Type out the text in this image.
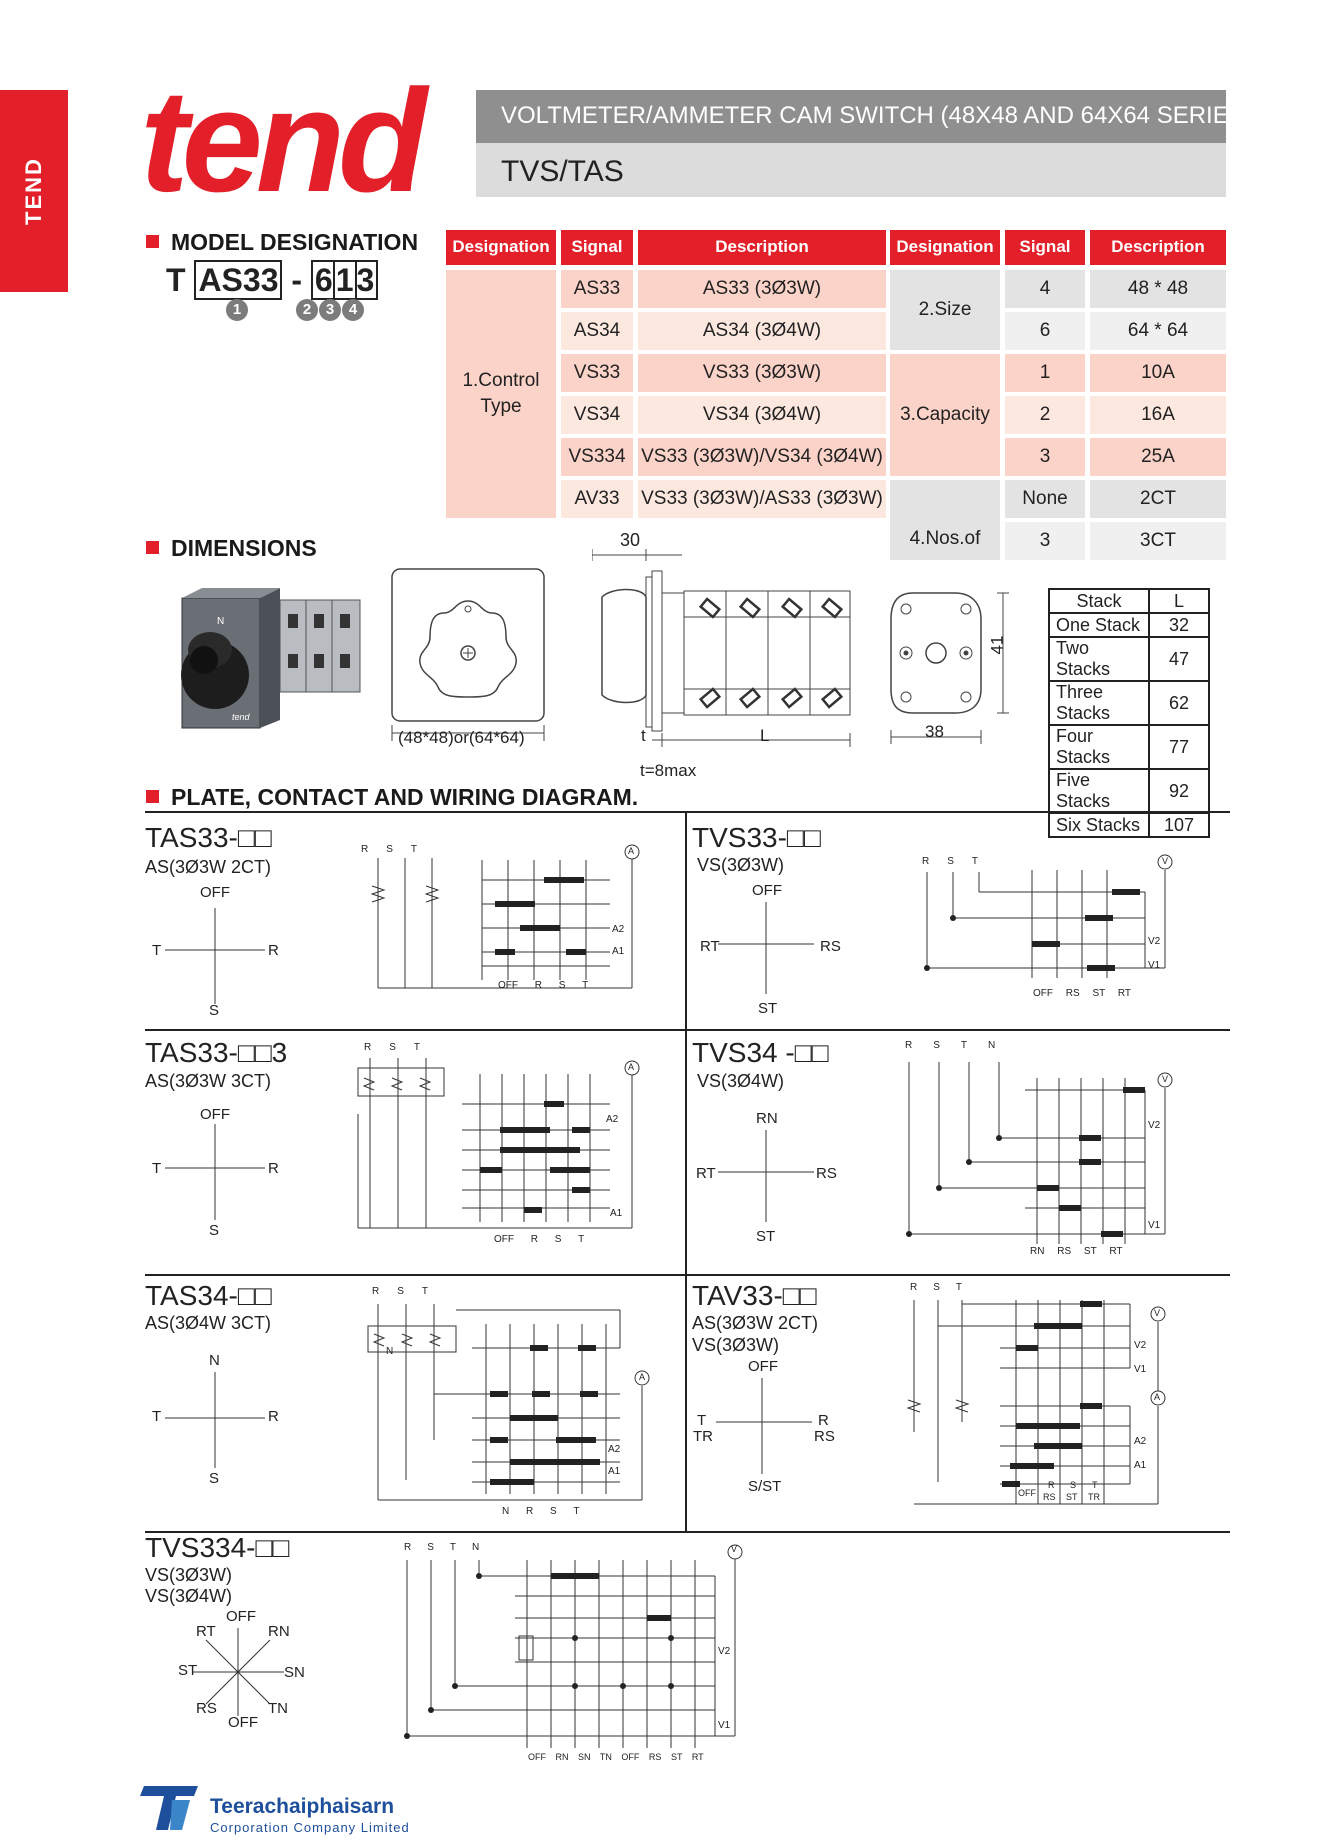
TEND tend	VOLTMETER/AMMETER CAM SWITCH (48X48 AND 64X64 SERIES)
TVS/TAS
MODEL DESIGNATION
T AS33 - 613
1	2 3 4
Designation	Signal	Description	Designation	Signal	Description
1.Control Type
AS33	AS33 (3Ø3W)
AS34	AS34 (3Ø4W)
VS33	VS33 (3Ø3W)
VS34	VS34 (3Ø4W)
VS334 VS33 (3Ø3W)/VS34 (3Ø4W)
AV33	VS33 (3Ø3W)/AS33 (3Ø3W)
2.Size
4	48 * 48
6	64 * 64
3.Capacity
1	10A
2	16A
3	25A
4.Nos.of
None	2CT
3	3CT
DIMENSIONS
N
tend
(48*48)or(64*64)
30
t	L
t=8max
41
38
Stack	L
One Stack	32
Two Stacks	47
Three Stacks	62
Four Stacks	77
Five Stacks	92
Six Stacks	107
PLATE, CONTACT AND WIRING DIAGRAM.
TAS33-□□
AS(3Ø3W 2CT)
OFF
T	R
S
RST	A
A2
A1
OFF R S T
TVS33-□□
VS(3Ø3W)
OFF
RT	RS
ST
RST	V
V2
V1
OFF RS ST RT
TAS33-□□3
AS(3Ø3W 3CT)
OFF
T	R
S
RST
A
A2
A1
OFF R S T
TVS34 -□□
VS(3Ø4W)
RN
RT	RS
ST
RSTN
V
V2
V1
RN RS ST RT
TAS34-□□
AS(3Ø4W 3CT)
N
T	R
S
RST
N
A
A2
A1
N R S T
TAV33-□□
AS(3Ø3W 2CT)
VS(3Ø3W)
OFF
T
TR
R
RS
S/ST
RST
V
A
V2
V1
A2
A1
OFF
R
RS
S
ST
T
TR
TVS334-□□
VS(3Ø3W)
VS(3Ø4W)
OFF
RT	RN
ST	SN
RS	TN
OFF
RSTN	V
V2
V1
OFF RN SN TN OFF RS ST RT
Teerachaiphaisarn
Corporation Company Limited
